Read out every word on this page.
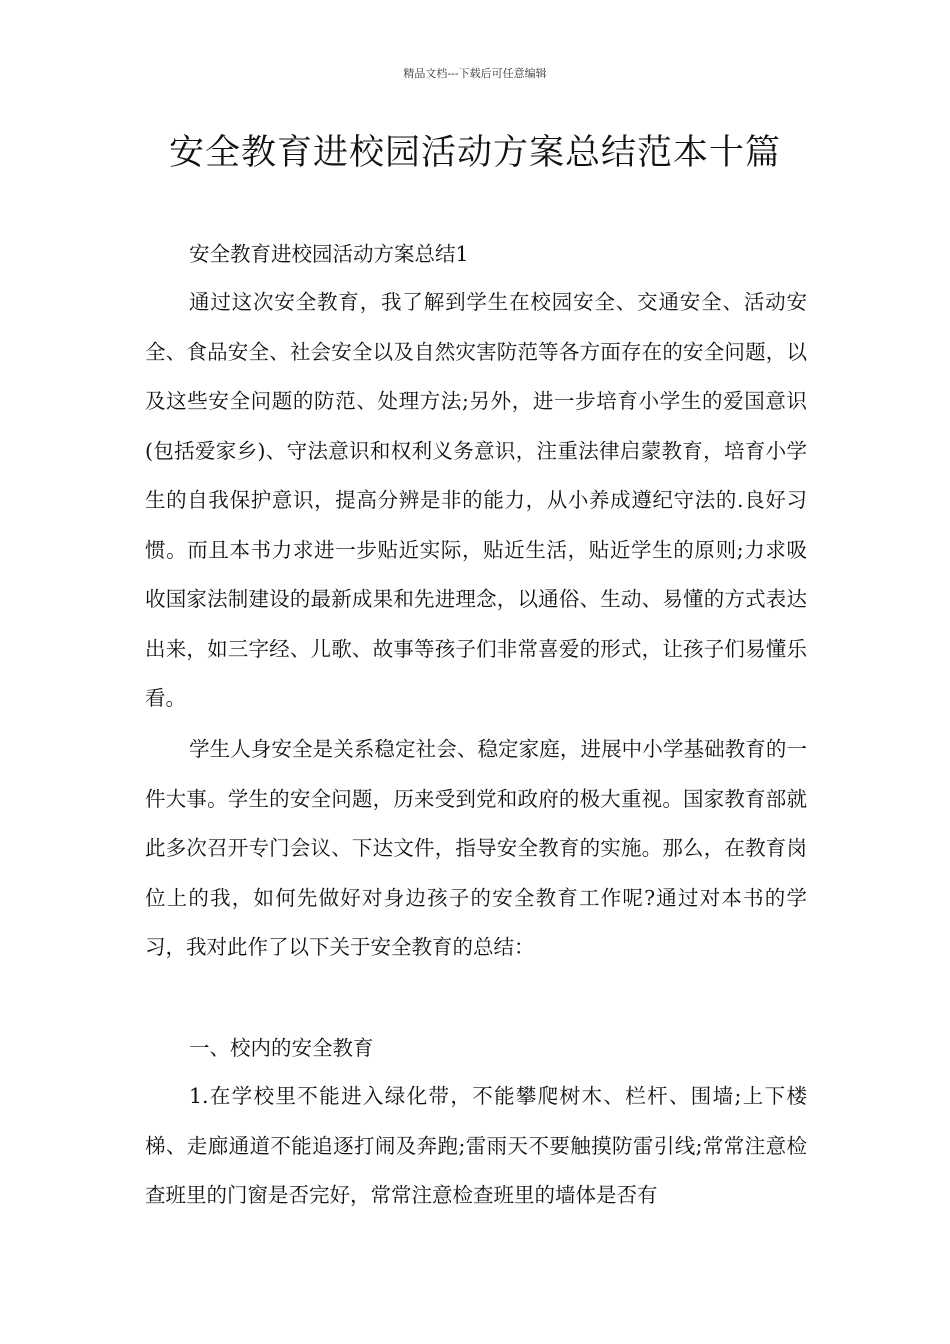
精品文档---下载后可任意编辑
安全教育进校园活动方案总结范本十篇

安全教育进校园活动方案总结1

通过这次安全教育，我了解到学生在校园安全、交通安全、活动安全、食品安全、社会安全以及自然灾害防范等各方面存在的安全问题，以及这些安全问题的防范、处理方法;另外，进一步培育小学生的爱国意识(包括爱家乡)、守法意识和权利义务意识，注重法律启蒙教育，培育小学生的自我保护意识，提高分辨是非的能力，从小养成遵纪守法的.良好习惯。而且本书力求进一步贴近实际，贴近生活，贴近学生的原则;力求吸收国家法制建设的最新成果和先进理念，以通俗、生动、易懂的方式表达出来，如三字经、儿歌、故事等孩子们非常喜爱的形式，让孩子们易懂乐看。

学生人身安全是关系稳定社会、稳定家庭，进展中小学基础教育的一件大事。学生的安全问题，历来受到党和政府的极大重视。国家教育部就此多次召开专门会议、下达文件，指导安全教育的实施。那么，在教育岗位上的我，如何先做好对身边孩子的安全教育工作呢?通过对本书的学习，我对此作了以下关于安全教育的总结：

一、校内的安全教育

1.在学校里不能进入绿化带，不能攀爬树木、栏杆、围墙;上下楼梯、走廊通道不能追逐打闹及奔跑;雷雨天不要触摸防雷引线;常常注意检查班里的门窗是否完好，常常注意检查班里的墙体是否有
